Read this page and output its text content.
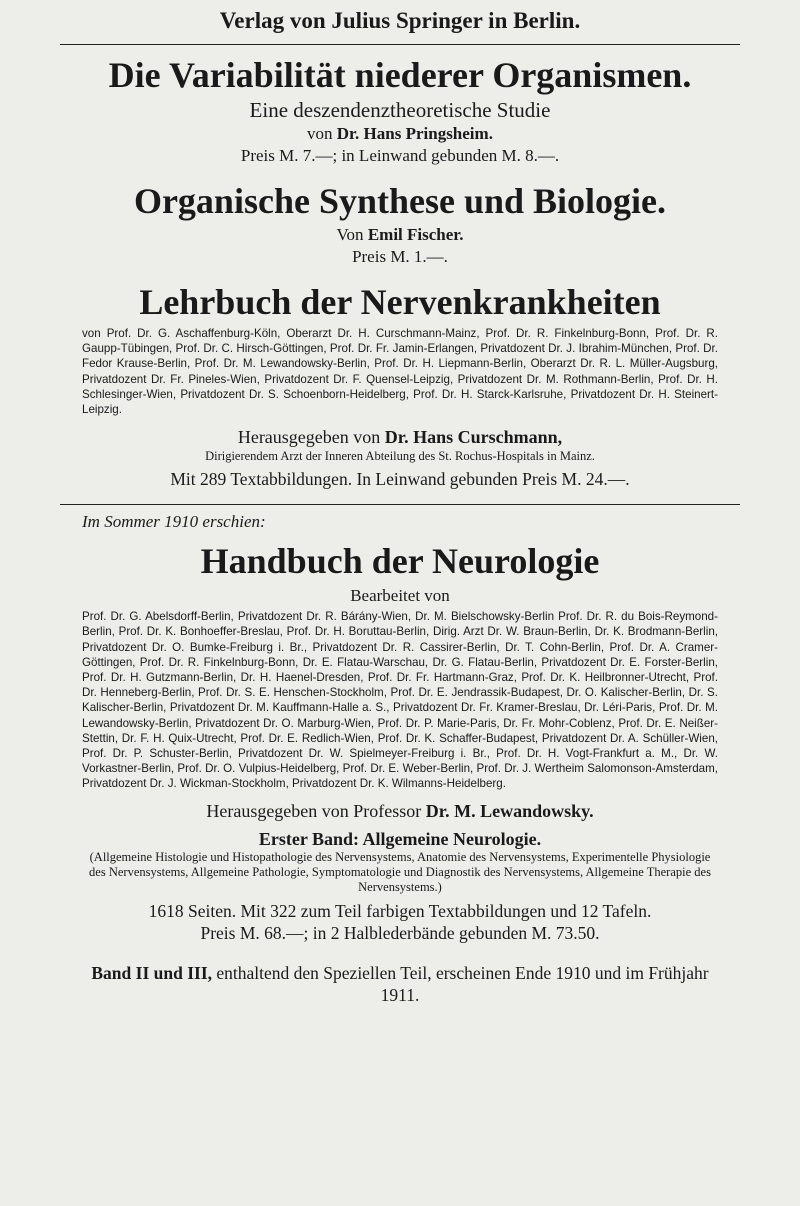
Verlag von Julius Springer in Berlin.
Die Variabilität niederer Organismen.
Eine deszendenztheoretische Studie
von Dr. Hans Pringsheim.
Preis M. 7.—; in Leinwand gebunden M. 8.—.
Organische Synthese und Biologie.
Von Emil Fischer.
Preis M. 1.—.
Lehrbuch der Nervenkrankheiten
von Prof. Dr. G. Aschaffenburg-Köln, Oberarzt Dr. H. Curschmann-Mainz, Prof. Dr. R. Finkelnburg-Bonn, Prof. Dr. R. Gaupp-Tübingen, Prof. Dr. C. Hirsch-Göttingen, Prof. Dr. Fr. Jamin-Erlangen, Privatdozent Dr. J. Ibrahim-München, Prof. Dr. Fedor Krause-Berlin, Prof. Dr. M. Lewandowsky-Berlin, Prof. Dr. H. Liepmann-Berlin, Oberarzt Dr. R. L. Müller-Augsburg, Privatdozent Dr. Fr. Pineles-Wien, Privatdozent Dr. F. Quensel-Leipzig, Privatdozent Dr. M. Rothmann-Berlin, Prof. Dr. H. Schlesinger-Wien, Privatdozent Dr. S. Schoenborn-Heidelberg, Prof. Dr. H. Starck-Karlsruhe, Privatdozent Dr. H. Steinert-Leipzig.
Herausgegeben von Dr. Hans Curschmann,
Dirigierendem Arzt der Inneren Abteilung des St. Rochus-Hospitals in Mainz.
Mit 289 Textabbildungen. In Leinwand gebunden Preis M. 24.—.
Im Sommer 1910 erschien:
Handbuch der Neurologie
Bearbeitet von
Prof. Dr. G. Abelsdorff-Berlin, Privatdozent Dr. R. Bárány-Wien, Dr. M. Bielschowsky-Berlin Prof. Dr. R. du Bois-Reymond-Berlin, Prof. Dr. K. Bonhoeffer-Breslau, Prof. Dr. H. Boruttau-Berlin, Dirig. Arzt Dr. W. Braun-Berlin, Dr. K. Brodmann-Berlin, Privatdozent Dr. O. Bumke-Freiburg i. Br., Privatdozent Dr. R. Cassirer-Berlin, Dr. T. Cohn-Berlin, Prof. Dr. A. Cramer-Göttingen, Prof. Dr. R. Finkelnburg-Bonn, Dr. E. Flatau-Warschau, Dr. G. Flatau-Berlin, Privatdozent Dr. E. Forster-Berlin, Prof. Dr. H. Gutzmann-Berlin, Dr. H. Haenel-Dresden, Prof. Dr. Fr. Hartmann-Graz, Prof. Dr. K. Heilbronner-Utrecht, Prof. Dr. Henneberg-Berlin, Prof. Dr. S. E. Henschen-Stockholm, Prof. Dr. E. Jendrassik-Budapest, Dr. O. Kalischer-Berlin, Dr. S. Kalischer-Berlin, Privatdozent Dr. M. Kauffmann-Halle a. S., Privatdozent Dr. Fr. Kramer-Breslau, Dr. Léri-Paris, Prof. Dr. M. Lewandowsky-Berlin, Privatdozent Dr. O. Marburg-Wien, Prof. Dr. P. Marie-Paris, Dr. Fr. Mohr-Coblenz, Prof. Dr. E. Neißer-Stettin, Dr. F. H. Quix-Utrecht, Prof. Dr. E. Redlich-Wien, Prof. Dr. K. Schaffer-Budapest, Privatdozent Dr. A. Schüller-Wien, Prof. Dr. P. Schuster-Berlin, Privatdozent Dr. W. Spielmeyer-Freiburg i. Br., Prof. Dr. H. Vogt-Frankfurt a. M., Dr. W. Vorkastner-Berlin, Prof. Dr. O. Vulpius-Heidelberg, Prof. Dr. E. Weber-Berlin, Prof. Dr. J. Wertheim Salomonson-Amsterdam, Privatdozent Dr. J. Wickman-Stockholm, Privatdozent Dr. K. Wilmanns-Heidelberg.
Herausgegeben von Professor Dr. M. Lewandowsky.
Erster Band: Allgemeine Neurologie.
(Allgemeine Histologie und Histopathologie des Nervensystems, Anatomie des Nervensystems, Experimentelle Physiologie des Nervensystems, Allgemeine Pathologie, Symptomatologie und Diagnostik des Nervensystems, Allgemeine Therapie des Nervensystems.)
1618 Seiten. Mit 322 zum Teil farbigen Textabbildungen und 12 Tafeln.
Preis M. 68.—; in 2 Halblederbände gebunden M. 73.50.
Band II und III, enthaltend den Speziellen Teil, erscheinen Ende 1910 und im Frühjahr 1911.
